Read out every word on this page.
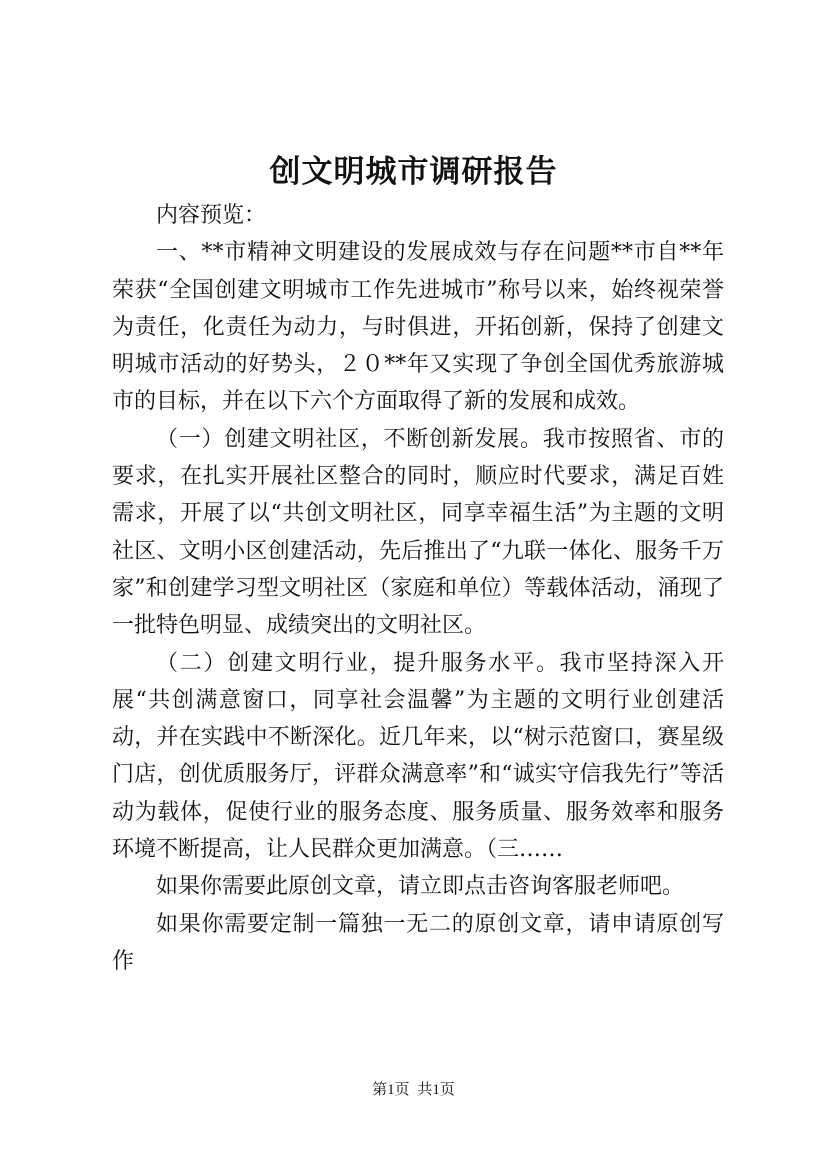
创文明城市调研报告

内容预览：

一、**市精神文明建设的发展成效与存在问题**市自**年荣获“全国创建文明城市工作先进城市”称号以来，始终视荣誉为责任，化责任为动力，与时俱进，开拓创新，保持了创建文明城市活动的好势头，２０**年又实现了争创全国优秀旅游城市的目标，并在以下六个方面取得了新的发展和成效。

（一）创建文明社区，不断创新发展。我市按照省、市的要求，在扎实开展社区整合的同时，顺应时代要求，满足百姓需求，开展了以“共创文明社区，同享幸福生活”为主题的文明社区、文明小区创建活动，先后推出了“九联一体化、服务千万家”和创建学习型文明社区（家庭和单位）等载体活动，涌现了一批特色明显、成绩突出的文明社区。

（二）创建文明行业，提升服务水平。我市坚持深入开展“共创满意窗口，同享社会温馨”为主题的文明行业创建活动，并在实践中不断深化。近几年来，以“树示范窗口，赛星级门店，创优质服务厅，评群众满意率”和“诚实守信我先行”等活动为载体，促使行业的服务态度、服务质量、服务效率和服务环境不断提高，让人民群众更加满意。（三……

如果你需要此原创文章，请立即点击咨询客服老师吧。

如果你需要定制一篇独一无二的原创文章，请申请原创写作

第1页 共1页
